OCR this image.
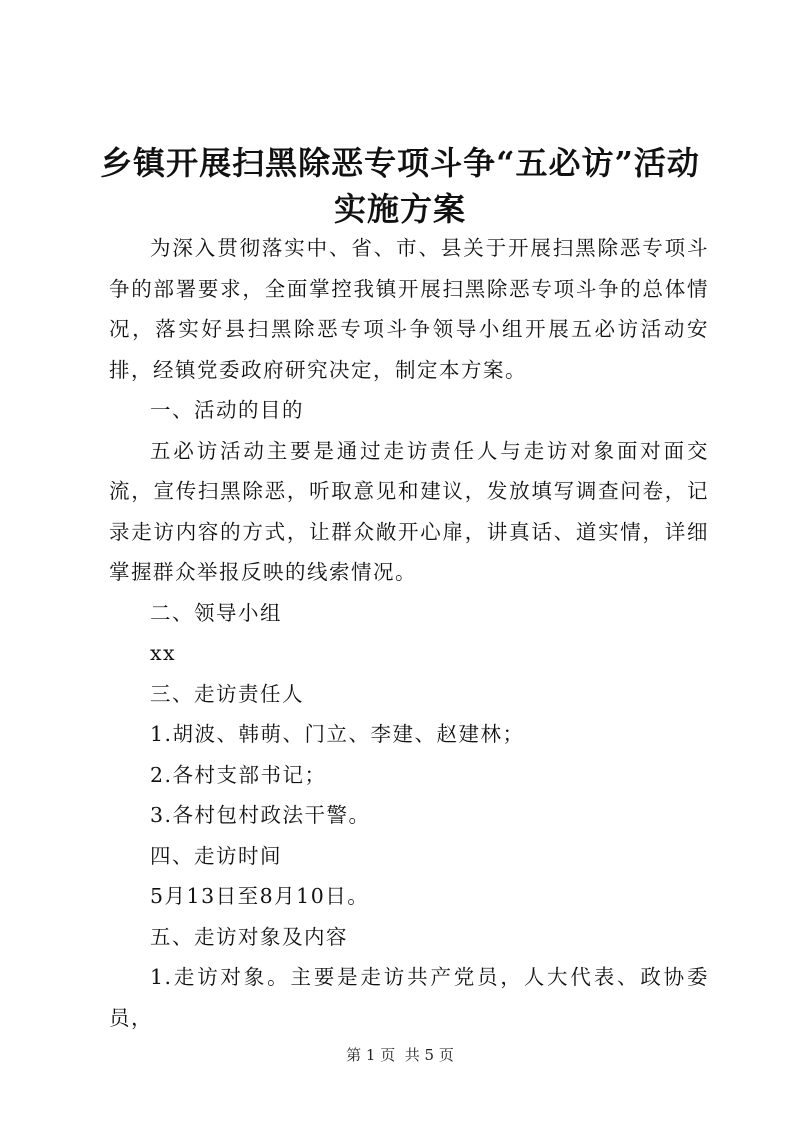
乡镇开展扫黑除恶专项斗争“五必访”活动实施方案

为深入贯彻落实中、省、市、县关于开展扫黑除恶专项斗争的部署要求，全面掌控我镇开展扫黑除恶专项斗争的总体情况，落实好县扫黑除恶专项斗争领导小组开展五必访活动安排，经镇党委政府研究决定，制定本方案。

一、活动的目的

五必访活动主要是通过走访责任人与走访对象面对面交流，宣传扫黑除恶，听取意见和建议，发放填写调查问卷，记录走访内容的方式，让群众敞开心扉，讲真话、道实情，详细掌握群众举报反映的线索情况。

二、领导小组

xx

三、走访责任人

1.胡波、韩萌、门立、李建、赵建林；

2.各村支部书记；

3.各村包村政法干警。

四、走访时间

5月13日至8月10日。

五、走访对象及内容

1.走访对象。主要是走访共产党员，人大代表、政协委员，

第 1 页  共 5 页
